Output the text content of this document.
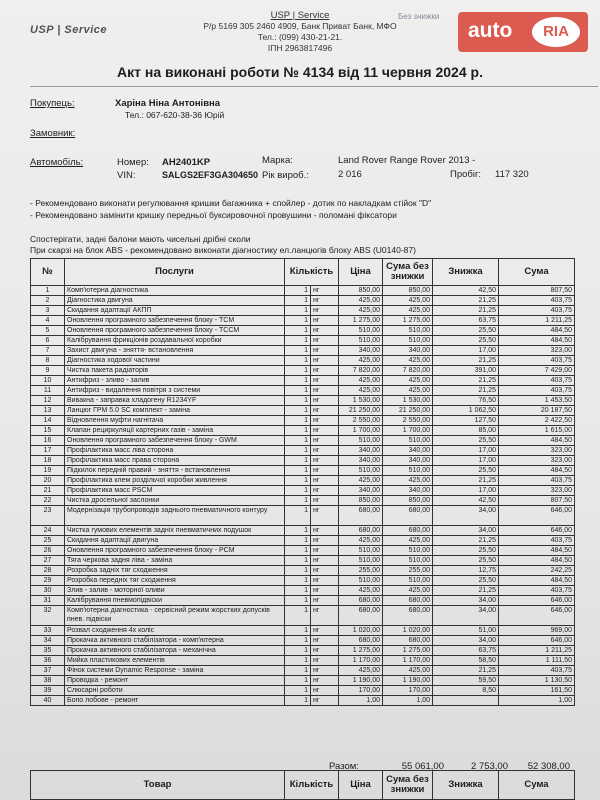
USP | Service
USP | Service
Р/р 5169 305 2460 4909, Банк Приват Банк, МФО
Тел.: (099) 430-21-21.
ІПН 2963817496
Без знижки
auto	RIA
Акт на виконані роботи № 4134 від 11 червня 2024 р.
Покупець:	Харіна Ніна Антонівна
Тел.: 067-620-38-36 Юрій
Замовник:
Автомобіль:	Номер: AH2401KP	Марка:	Land Rover Range Rover 2013 -
VIN:	SALGS2EF3GA304650 Рік вироб.:	2 016	Пробіг: 117 320
- Рекомендовано виконати регулювання кришки багажника + спойлер - дотик по накладкам стійок "D"
- Рекомендовано замінити кришку передньої буксировочної провушини - поломані фіксатори
Спостерігати, задні балони мають чисельні дрібні сколи
При скарзі на блок ABS - рекомендовано виконати діагностику ел.ланцюгів блоку ABS (U0140-87)
№	Послуги	Кількість		Ціна	Сума без знижки	Знижка	Сума
1	Комп'ютерна діагностика	1	нг	850,00	850,00	42,50	807,50
2	Діагностика двигуна	1	нг	425,00	425,00	21,25	403,75
3	Скидання адаптації АКПП	1	нг	425,00	425,00	21,25	403,75
4	Оновлення програмного забезпечення блоку - TCM	1	нг	1 275,00	1 275,00	63,75	1 211,25
5	Оновлення програмного забезпечення блоку - TCCM	1	нг	510,00	510,00	25,50	484,50
6	Калібрування фрикціонів роздавальної коробки	1	нг	510,00	510,00	25,50	484,50
7	Захист двигуна - зняття- встановлення	1	нг	340,00	340,00	17,00	323,00
8	Діагностика ходової частини	1	нг	425,00	425,00	21,25	403,75
9	Чистка пакета радіаторів	1	нг	7 820,00	7 820,00	391,00	7 429,00
10	Антифриз - зливо - залив	1	нг	425,00	425,00	21,25	403,75
11	Антифриз - видалення повітря з системи	1	нг	425,00	425,00	21,25	403,75
12	Вивакна - заправка хладогену R1234YF	1	нг	1 530,00	1 530,00	76,50	1 453,50
13	Ланцюг ГРМ 5.0 SC комплект - заміна	1	нг	21 250,00	21 250,00	1 062,50	20 187,50
14	Відновлення муфти нагнітача	1	нг	2 550,00	2 550,00	127,50	2 422,50
15	Клапан рециркуляції картерних газів - заміна	1	нг	1 700,00	1 700,00	85,00	1 615,00
16	Оновлення програмного забезпечення блоку - GWM	1	нг	510,00	510,00	25,50	484,50
17	Профілактика масс ліва сторона	1	нг	340,00	340,00	17,00	323,00
18	Профілактика масс права сторона	1	нг	340,00	340,00	17,00	323,00
19	Підкилок передній правий - зняття - встановлення	1	нг	510,00	510,00	25,50	484,50
20	Профілактика клем роздільчої коробки живлення	1	нг	425,00	425,00	21,25	403,75
21	Профілактика масс PSCM	1	нг	340,00	340,00	17,00	323,00
22	Чистка дросельної заслонки	1	нг	850,00	850,00	42,50	807,50
23	Модернізація трубопроводів заднього пневматичного контуру	1	нг	680,00	680,00	34,00	646,00
24	Чистка гумових елементів задніх пневматичних подушок	1	нг	680,00	680,00	34,00	646,00
25	Скидання адаптації двигуна	1	нг	425,00	425,00	21,25	403,75
26	Оновлення програмного забезпечення блоку - PCM	1	нг	510,00	510,00	25,50	484,50
27	Тяга черкова задня ліва - заміна	1	нг	510,00	510,00	25,50	484,50
28	Розробка задніх тяг сходження	1	нг	255,00	255,00	12,75	242,25
29	Розробка передніх тяг сходження	1	нг	510,00	510,00	25,50	484,50
30	Злив - залив - моторної оливи	1	нг	425,00	425,00	21,25	403,75
31	Калібрування пневмопідвіски	1	нг	680,00	680,00	34,00	646,00
32	Комп'ютерна діагностика - сервісний режим жорстких допусків пнев. підвіски	1	нг	680,00	680,00	34,00	646,00
33	Розвал сходження 4х коліс	1	нг	1 020,00	1 020,00	51,00	969,00
34	Прокачка активного стабілізатора - комп'ютерна	1	нг	680,00	680,00	34,00	646,00
35	Прокачка активного стабілізатора - механічна	1	нг	1 275,00	1 275,00	63,75	1 211,25
36	Мийка пластикових елементів	1	нг	1 170,00	1 170,00	58,50	1 111,50
37	Фінок системи Dynamic Response - заміна	1	нг	425,00	425,00	21,25	403,75
38	Проводка - ремонт	1	нг	1 190,00	1 190,00	59,50	1 130,50
39	Слюсарні роботи	1	нг	170,00	170,00	8,50	161,50
40	Бопо лобове - ремонт	1	нг	1,00	1,00		1,00
Разом:	55 061,00	2 753,00	52 308,00
Товар	Кількість	Ціна	Сума без знижки	Знижка	Сума
